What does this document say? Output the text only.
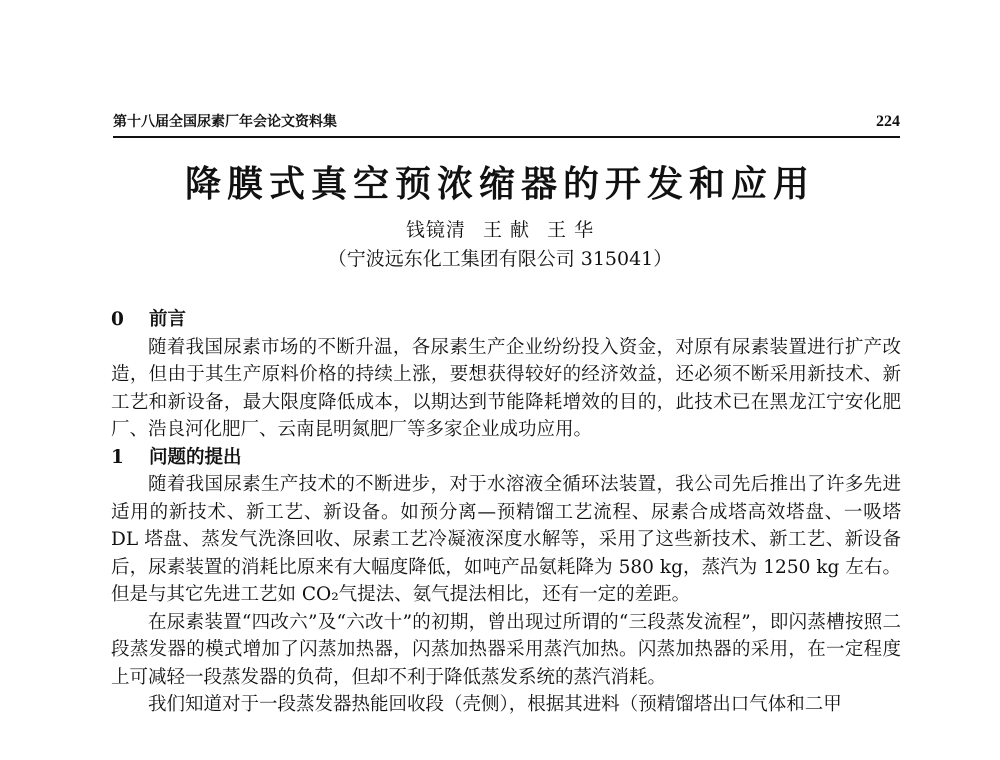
第十八届全国尿素厂年会论文资料集	224
降膜式真空预浓缩器的开发和应用
钱镜清 王 献 王 华
（宁波远东化工集团有限公司 315041）
0 前言

随着我国尿素市场的不断升温，各尿素生产企业纷纷投入资金，对原有尿素装置进行扩产改造，但由于其生产原料价格的持续上涨，要想获得较好的经济效益，还必须不断采用新技术、新工艺和新设备，最大限度降低成本，以期达到节能降耗增效的目的，此技术已在黑龙江宁安化肥厂、浩良河化肥厂、云南昆明氮肥厂等多家企业成功应用。

1 问题的提出

随着我国尿素生产技术的不断进步，对于水溶液全循环法装置，我公司先后推出了许多先进适用的新技术、新工艺、新设备。如预分离—预精馏工艺流程、尿素合成塔高效塔盘、一吸塔 DL 塔盘、蒸发气洗涤回收、尿素工艺冷凝液深度水解等，采用了这些新技术、新工艺、新设备后，尿素装置的消耗比原来有大幅度降低，如吨产品氨耗降为 580 kg，蒸汽为 1250 kg 左右。但是与其它先进工艺如 CO₂气提法、氨气提法相比，还有一定的差距。

在尿素装置“四改六”及“六改十”的初期，曾出现过所谓的“三段蒸发流程”，即闪蒸槽按照二段蒸发器的模式增加了闪蒸加热器，闪蒸加热器采用蒸汽加热。闪蒸加热器的采用，在一定程度上可减轻一段蒸发器的负荷，但却不利于降低蒸发系统的蒸汽消耗。

我们知道对于一段蒸发器热能回收段（壳侧），根据其进料（预精馏塔出口气体和二甲
